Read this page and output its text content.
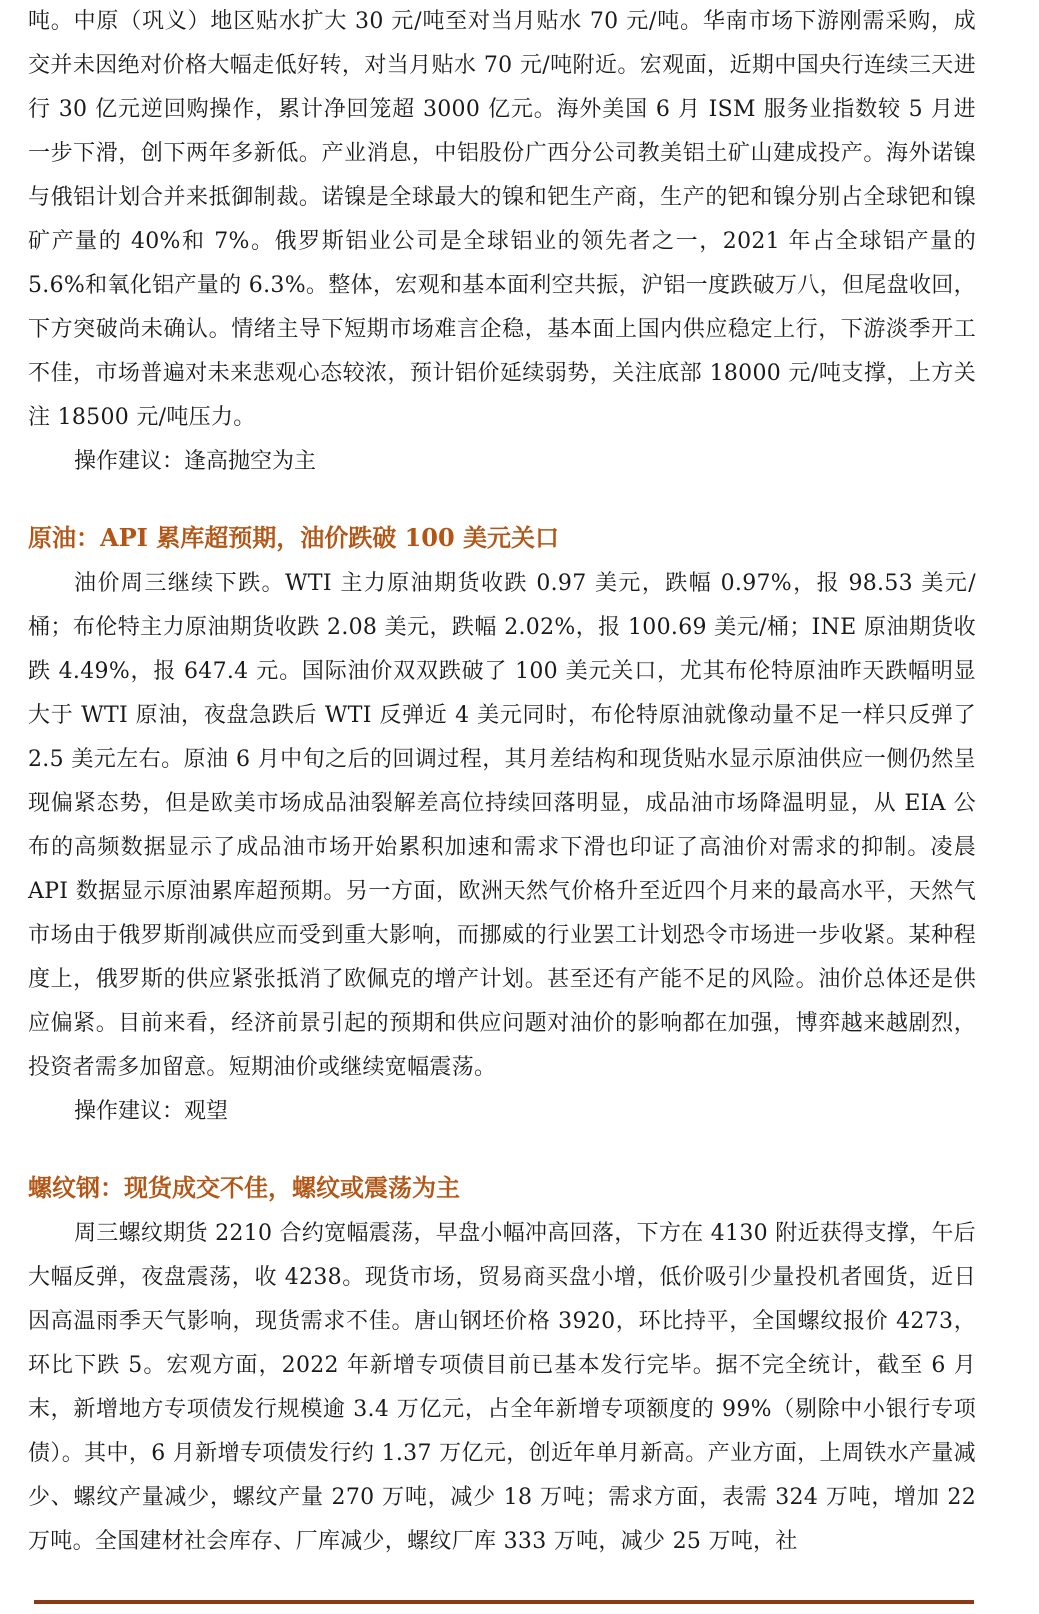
吨。中原（巩义）地区贴水扩大 30 元/吨至对当月贴水 70 元/吨。华南市场下游刚需采购，成交并未因绝对价格大幅走低好转，对当月贴水 70 元/吨附近。宏观面，近期中国央行连续三天进行 30 亿元逆回购操作，累计净回笼超 3000 亿元。海外美国 6 月 ISM 服务业指数较 5 月进一步下滑，创下两年多新低。产业消息，中铝股份广西分公司教美铝土矿山建成投产。海外诺镍与俄铝计划合并来抵御制裁。诺镍是全球最大的镍和钯生产商，生产的钯和镍分别占全球钯和镍矿产量的 40%和 7%。俄罗斯铝业公司是全球铝业的领先者之一，2021 年占全球铝产量的 5.6%和氧化铝产量的 6.3%。整体，宏观和基本面利空共振，沪铝一度跌破万八，但尾盘收回，下方突破尚未确认。情绪主导下短期市场难言企稳，基本面上国内供应稳定上行，下游淡季开工不佳，市场普遍对未来悲观心态较浓，预计铝价延续弱势，关注底部 18000 元/吨支撑，上方关注 18500 元/吨压力。

操作建议：逢高抛空为主

原油：API 累库超预期，油价跌破 100 美元关口

油价周三继续下跌。WTI 主力原油期货收跌 0.97 美元，跌幅 0.97%，报 98.53 美元/桶；布伦特主力原油期货收跌 2.08 美元，跌幅 2.02%，报 100.69 美元/桶；INE 原油期货收跌 4.49%，报 647.4 元。国际油价双双跌破了 100 美元关口，尤其布伦特原油昨天跌幅明显大于 WTI 原油，夜盘急跌后 WTI 反弹近 4 美元同时，布伦特原油就像动量不足一样只反弹了 2.5 美元左右。原油 6 月中旬之后的回调过程，其月差结构和现货贴水显示原油供应一侧仍然呈现偏紧态势，但是欧美市场成品油裂解差高位持续回落明显，成品油市场降温明显，从 EIA 公布的高频数据显示了成品油市场开始累积加速和需求下滑也印证了高油价对需求的抑制。凌晨 API 数据显示原油累库超预期。另一方面，欧洲天然气价格升至近四个月来的最高水平，天然气市场由于俄罗斯削减供应而受到重大影响，而挪威的行业罢工计划恐令市场进一步收紧。某种程度上，俄罗斯的供应紧张抵消了欧佩克的增产计划。甚至还有产能不足的风险。油价总体还是供应偏紧。目前来看，经济前景引起的预期和供应问题对油价的影响都在加强，博弈越来越剧烈，投资者需多加留意。短期油价或继续宽幅震荡。

操作建议：观望

螺纹钢：现货成交不佳，螺纹或震荡为主

周三螺纹期货 2210 合约宽幅震荡，早盘小幅冲高回落，下方在 4130 附近获得支撑，午后大幅反弹，夜盘震荡，收 4238。现货市场，贸易商买盘小增，低价吸引少量投机者囤货，近日因高温雨季天气影响，现货需求不佳。唐山钢坯价格 3920，环比持平，全国螺纹报价 4273，环比下跌 5。宏观方面，2022 年新增专项债目前已基本发行完毕。据不完全统计，截至 6 月末，新增地方专项债发行规模逾 3.4 万亿元，占全年新增专项额度的 99%（剔除中小银行专项债）。其中，6 月新增专项债发行约 1.37 万亿元，创近年单月新高。产业方面，上周铁水产量减少、螺纹产量减少，螺纹产量 270 万吨，减少 18 万吨；需求方面，表需 324 万吨，增加 22 万吨。全国建材社会库存、厂库减少，螺纹厂库 333 万吨，减少 25 万吨，社
